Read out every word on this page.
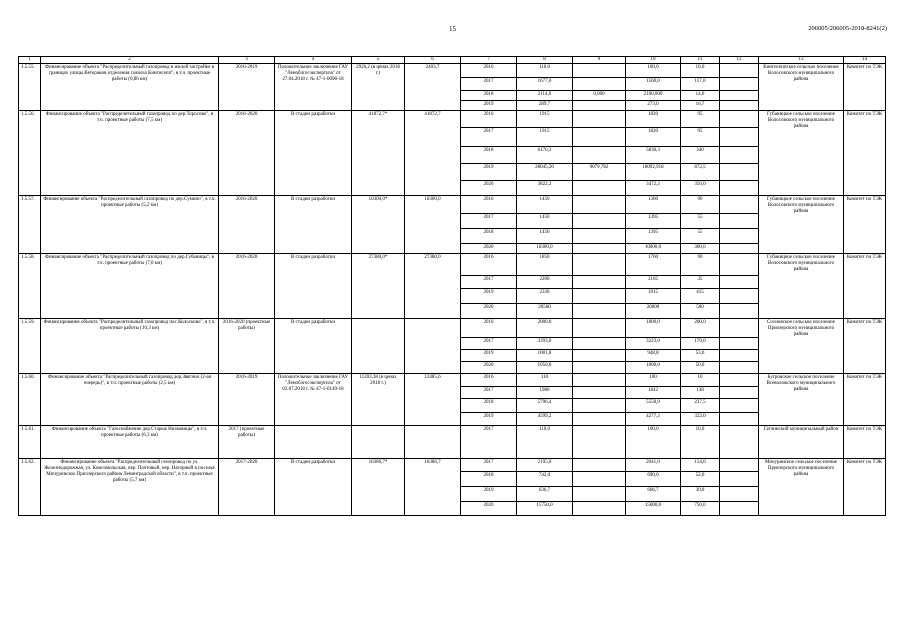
15	206005/206005-2018-8241(2)
1	2	3	4	5	6	7	8	9	10	11	12	13	14
1.5.55.	Финансирование объекта "Распределительный газопровод в жилой застройке в границах улицы Ветеранов отделения совхоза Кингисепп", в т.ч. проектные работы (0,86 км)	2016-2019	Положительное заключение ГАУ "Леноблгосэкспертиза" от 27.04.2018 г. № 47-1-0098-18	2926,2 (в ценах 2018 г.)	2403,7	2016	110,0		100,0	10,0		Кингисеппское сельское поселение Волосовского муниципального района	Комитет по ТЭК
						2017	1677,0		1560,0	117,0			
						2018	2114,0	0,000	2100,000	14,0			
						2019	289,7		273,0	16,7			
1.5.56.	Финансирование объекта "Распределительный газопровод по дер.Торосово", в т.ч. проектные работы (7,5 км)	2016-2020	В стадии разработки	41872,7*	41872,7	2016	1915		1820	95		Губаницкое сельское поселение Волосовского муниципального района	Комитет по ТЭК
						2017	1915		1820	95			
						2018	6170,3		5830,3	340			
						2019	28045,20	9079,782	18092,918	872,5			
						2020	3822,2		3472,2	350,0			
1.5.57.	Финансирование объекта "Распределительный газопровод по дер.Сумино", в т.ч. проектные работы (5,2 км)	2016-2020	В стадии разработки	10300,0*	10300,0	2016	1450		1360	90		Губаницкое сельское поселение Волосовского муниципального района	Комитет по ТЭК
						2017	1450		1395	55			
						2018	1450		1395	55			
						2020	10300,0		10000,0	300,0			
1.5.58.	Финансирование объекта "Распределительный газопровод по дер.Губаницы", в т.ч. проектные работы (7,0 км)	2016-2020	В стадии разработки	27380,0*	27380,0	2016	1850		1760	90		Губаницкое сельское поселение Волосовского муниципального района	Комитет по ТЭК
						2017	2200		2165	35			
						2019	2330		1915	415			
						2020	20500		20000	500			
1.5.59.	Финансирование объекта "Распределительный газопровод пос.Колосково", в т.ч. проектные работы (10,3 км)	2016-2020 (проектные работы)	В стадии разработки			2016	2000,0		1800,0	200,0		Сосновское сельское поселение Приозерского муниципального района	Комитет по ТЭК
						2017	3393,0		3223,0	170,0			
						2019	1001,8		948,8	53,0			
						2020	1050,0		1000,0	50,0			
1.5.60.	Финансирование объекта "Распределительный газопровод дер.Звягино (2-ая очередь)", в т.ч. проектные работы (2,5 км)	2016-2019	Положительное заключение ГАУ "Леноблгосэкспертиза" от 02.07.2018 г. № 47-1-0149-18	11203,38 (в ценах 2018 г.)	12485,6	2016	110		100	10		Бугровское сельское поселение Всеволожского муниципального района	Комитет по ТЭК
						2017	1980		1842	138			
						2018	5796,4		5558,9	237,5			
						2019	4599,2		4277,2	322,0			
1.5.61.	Финансирование объекта "Газоснабжение дер.Старые Низковицы", в т.ч. проектные работы (6,3 км)	2017 (проектные работы)				2017	110,0		100,0	10,0		Гатчинский муниципальный район	Комитет по ТЭК
1.5.62.	Финансирование объекта "Распределительный газопровод по ул. Железнодорожная, ул. Комсомольская, пер. Почтовый, пер. Нагорный в поселке Мичуринское Приозерского района Ленинградской области", в т.ч. проектные работы (5,7 км)	2017-2020	В стадии разработки	16386,7*	16386,7	2017	2195,0		2041,0	154,0		Мичуринское сельское поселение Приозерского муниципального района	Комитет по ТЭК
						2018	742,0		690,0	52,0			
						2019	636,7		606,7	30,0			
						2020	15750,0		15000,0	750,0			
